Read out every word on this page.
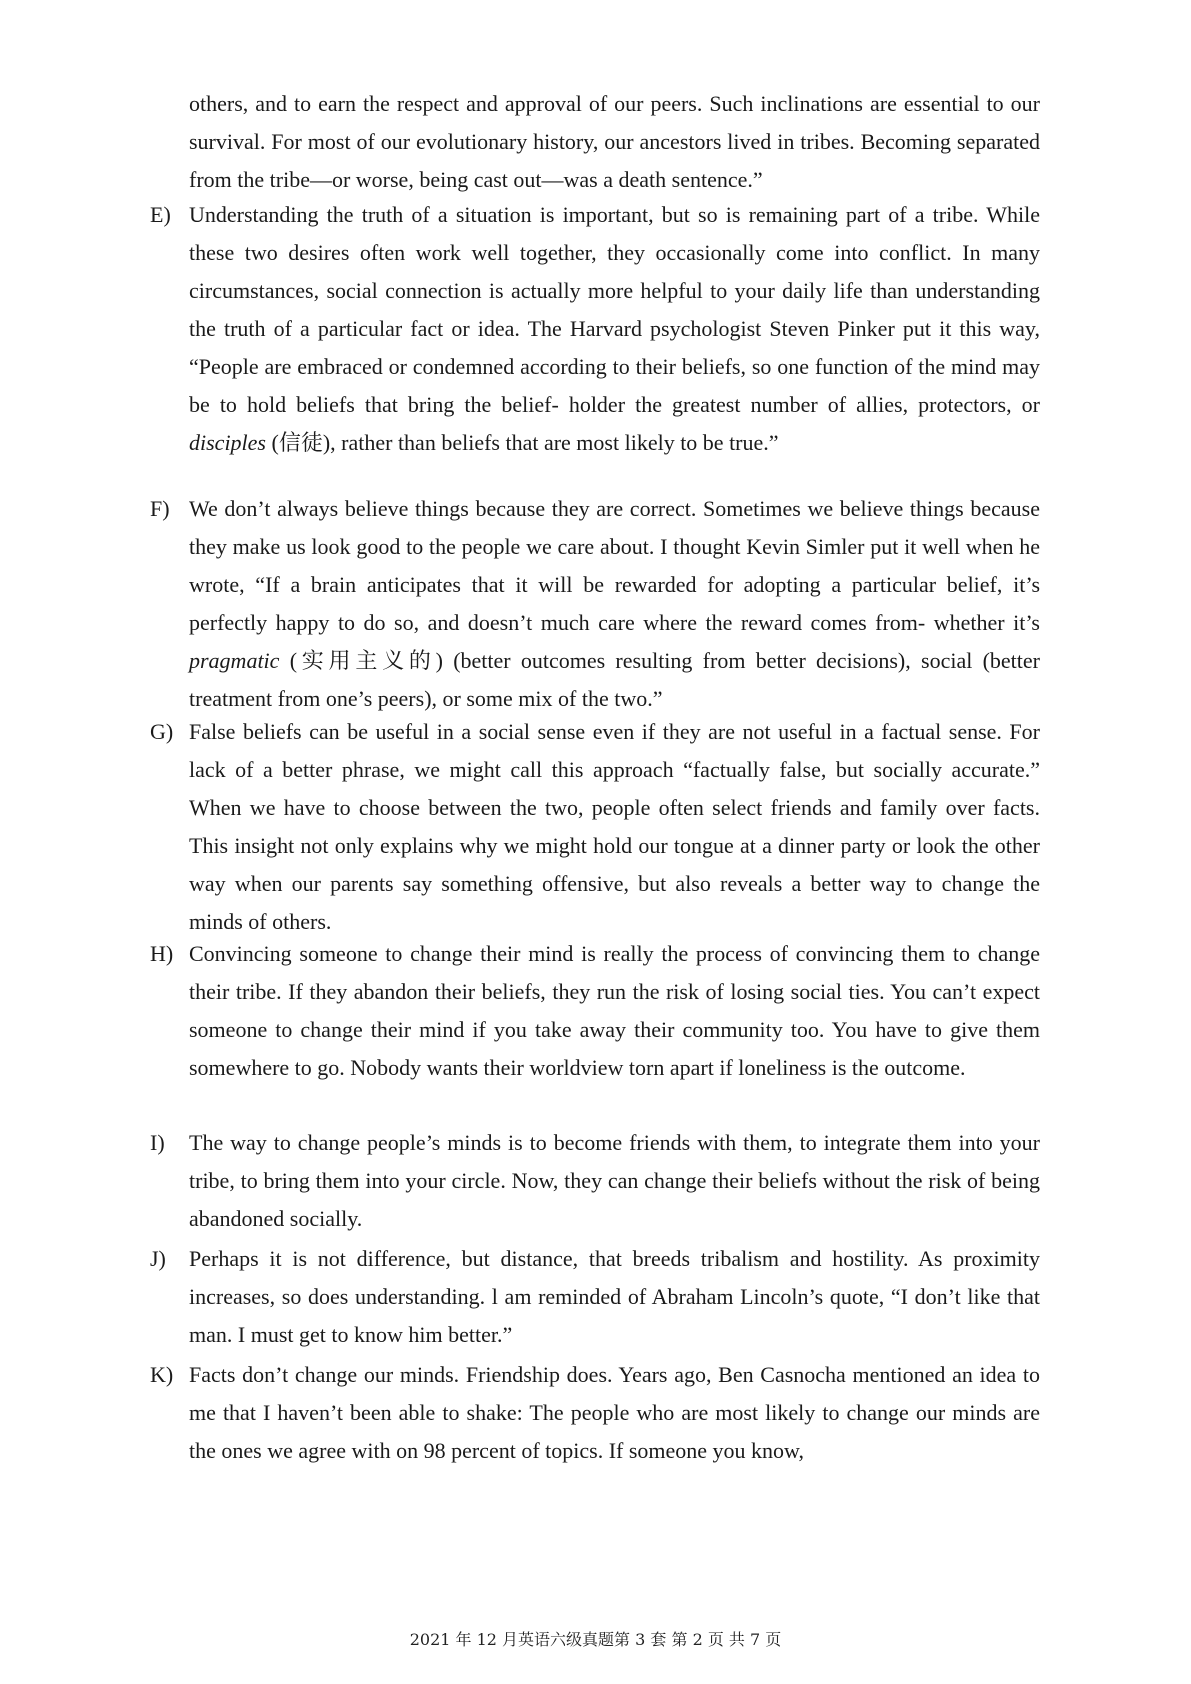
others, and to earn the respect and approval of our peers. Such inclinations are essential to our survival. For most of our evolutionary history, our ancestors lived in tribes. Becoming separated from the tribe—or worse, being cast out—was a death sentence.”
E) Understanding the truth of a situation is important, but so is remaining part of a tribe. While these two desires often work well together, they occasionally come into conflict. In many circumstances, social connection is actually more helpful to your daily life than understanding the truth of a particular fact or idea. The Harvard psychologist Steven Pinker put it this way, “People are embraced or condemned according to their beliefs, so one function of the mind may be to hold beliefs that bring the belief- holder the greatest number of allies, protectors, or disciples (信徒), rather than beliefs that are most likely to be true.”
F) We don’t always believe things because they are correct. Sometimes we believe things because they make us look good to the people we care about. I thought Kevin Simler put it well when he wrote, “If a brain anticipates that it will be rewarded for adopting a particular belief, it’s perfectly happy to do so, and doesn’t much care where the reward comes from- whether it’s pragmatic (实用主义的) (better outcomes resulting from better decisions), social (better treatment from one’s peers), or some mix of the two.”
G) False beliefs can be useful in a social sense even if they are not useful in a factual sense. For lack of a better phrase, we might call this approach “factually false, but socially accurate.” When we have to choose between the two, people often select friends and family over facts. This insight not only explains why we might hold our tongue at a dinner party or look the other way when our parents say something offensive, but also reveals a better way to change the minds of others.
H) Convincing someone to change their mind is really the process of convincing them to change their tribe. If they abandon their beliefs, they run the risk of losing social ties. You can’t expect someone to change their mind if you take away their community too. You have to give them somewhere to go. Nobody wants their worldview torn apart if loneliness is the outcome.
I)	The way to change people’s minds is to become friends with them, to integrate them into your tribe, to bring them into your circle. Now, they can change their beliefs without the risk of being abandoned socially.
J)	Perhaps it is not difference, but distance, that breeds tribalism and hostility. As proximity increases, so does understanding. l am reminded of Abraham Lincoln’s quote, “I don’t like that man. I must get to know him better.”
K) Facts don’t change our minds. Friendship does. Years ago, Ben Casnocha mentioned an idea to me that I haven’t been able to shake: The people who are most likely to change our minds are the ones we agree with on 98 percent of topics. If someone you know,
2021 年 12 月英语六级真题第 3 套 第 2 页 共 7 页
